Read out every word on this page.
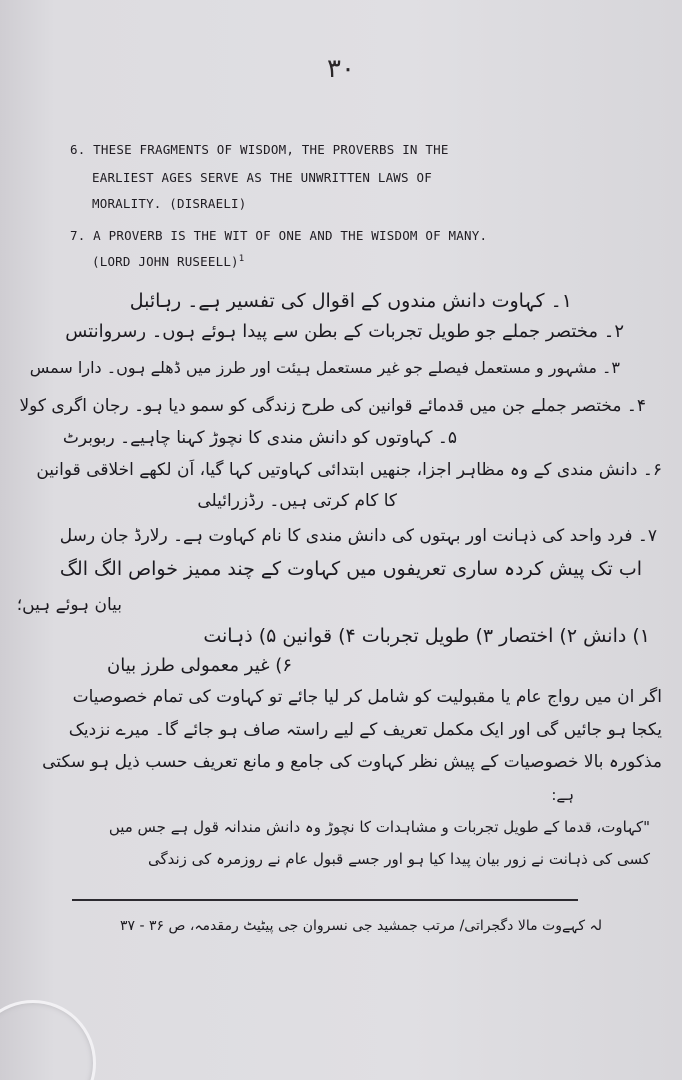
۳۰
6. THESE FRAGMENTS OF WISDOM, THE PROVERBS IN THE
EARLIEST AGES SERVE AS THE UNWRITTEN LAWS OF
MORALITY. (DISRAELI)
7. A PROVERB IS THE WIT OF ONE AND THE WISDOM OF MANY.
(LORD JOHN RUSEELL)$^1$
۱۔ کہاوت دانش مندوں کے اقوال کی تفسیر ہے۔ رہائبل
۲۔ مختصر جملے جو طویل تجربات کے بطن سے پیدا ہوئے ہوں۔ رسروانتس
۳۔ مشہور و مستعمل فیصلے جو غیر مستعمل ہیئت اور طرز میں ڈھلے ہوں۔ دارا سمس
۴۔ مختصر جملے جن میں قدمائے قوانین کی طرح زندگی کو سمو دیا ہو۔ رجان اگری کولا
۵۔ کہاوتوں کو دانش مندی کا نچوڑ کہنا چاہیے۔ ربوبرٹ
۶۔ دانش مندی کے وہ مظاہر اجزا، جنھیں ابتدائی کہاوتیں کہا گیا، اَن لکھے اخلاقی قوانین
کا کام کرتی ہیں۔ رڈزرائیلی
۷۔ فرد واحد کی ذہانت اور بہتوں کی دانش مندی کا نام کہاوت ہے۔ رلارڈ جان رسل
اب تک پیش کردہ ساری تعریفوں میں کہاوت کے چند ممیز خواص الگ الگ
بیان ہوئے ہیں؛
۱) دانش ۲) اختصار ۳) طویل تجربات ۴) قوانین ۵) ذہانت
۶) غیر معمولی طرز بیان
اگر ان میں رواج عام یا مقبولیت کو شامل کر لیا جائے تو کہاوت کی تمام خصوصیات
یکجا ہو جائیں گی اور ایک مکمل تعریف کے لیے راستہ صاف ہو جائے گا۔ میرے نزدیک
مذکورہ بالا خصوصیات کے پیش نظر کہاوت کی جامع و مانع تعریف حسب ذیل ہو سکتی
ہے:
"کہاوت، قدما کے طویل تجربات و مشاہدات کا نچوڑ وہ دانش مندانہ قول ہے جس میں
کسی کی ذہانت نے زور بیان پیدا کیا ہو اور جسے قبول عام نے روزمرہ کی زندگی
لہ کہےوت مالا دگجراتی/ مرتب جمشید جی نسروان جی پیٹیٹ رمقدمہ، ص ۳۶ - ۳۷
